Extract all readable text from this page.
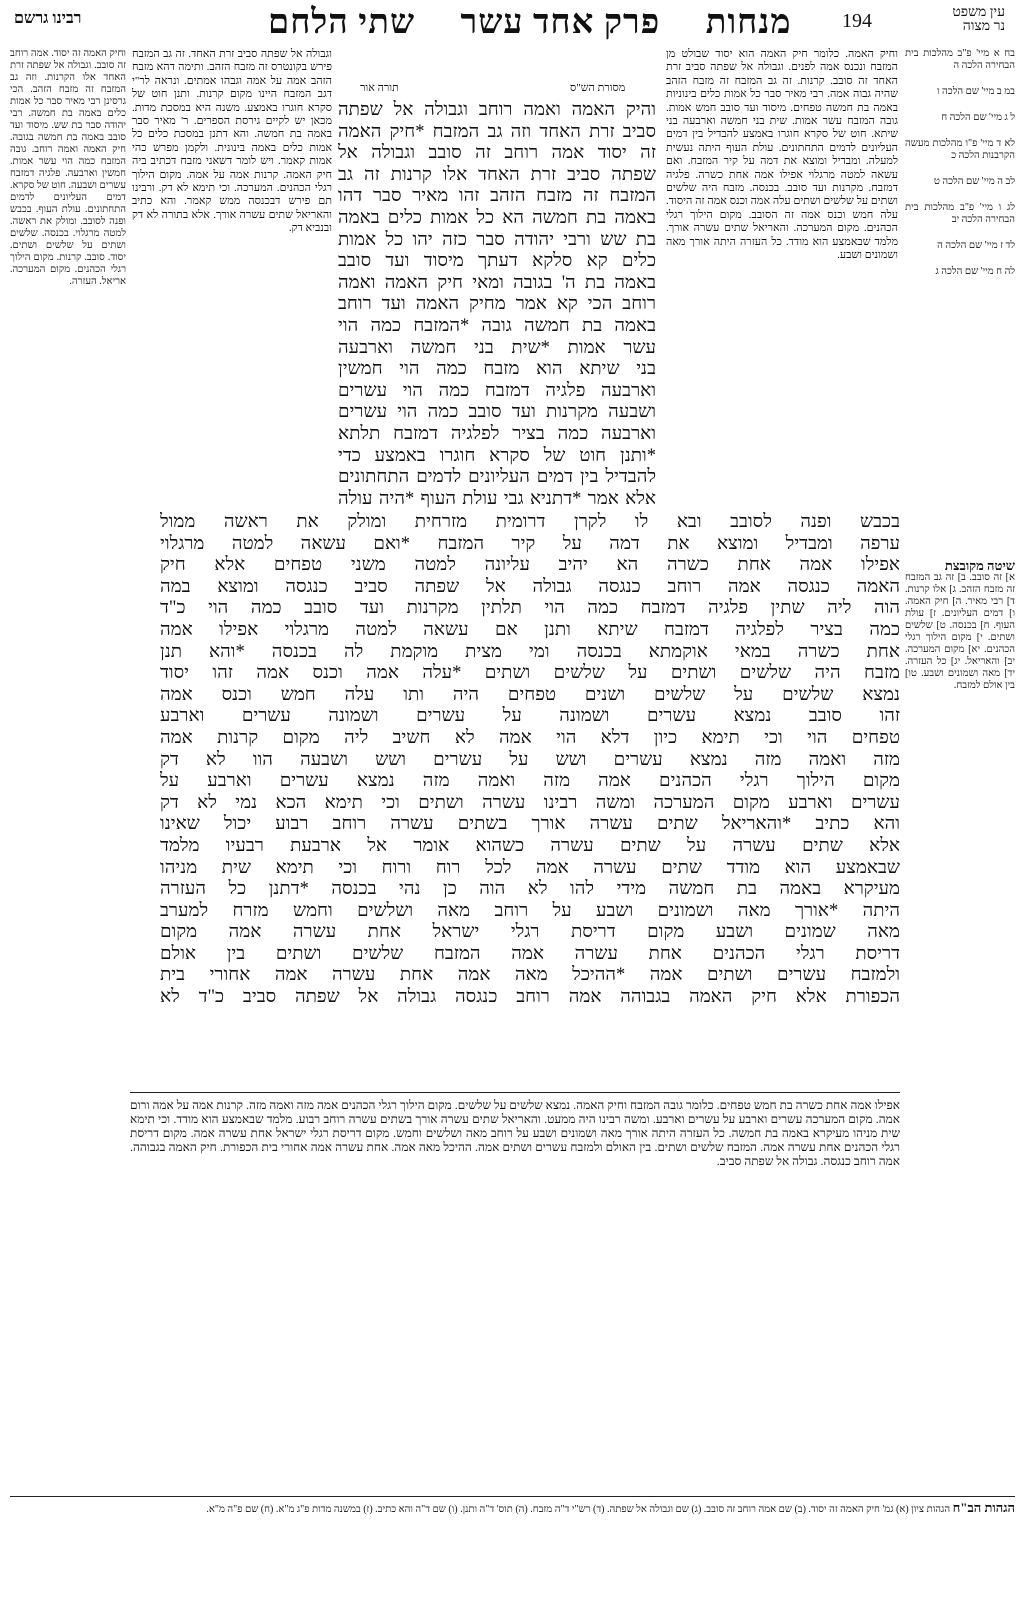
מנחות פרק אחד עשר שתי הלחם	194	עין משפט
נר מצוה
רבינו גרשם
בח א מיי' פ"ב מהלכות בית הבחירה הלכה ה
במ ב מיי' שם הלכה ו
ל ג מיי' שם הלכה ח
לא ד מיי' פ"ו מהלכות מעשה הקרבנות הלכה כ
לב ה מיי' שם הלכה ט
לג ו מיי' פ"ב מהלכות בית הבחירה הלכה יב
לד ז מיי' שם הלכה ה
לה ח מיי' שם הלכה ג

שיטה מקובצת

א] זה סובב. ב] זה גב המזבח זה מזבח הזהב. ג] אלו קרנות. ד] רבי מאיר. ה] חיק האמה. ו] דמים העליונים. ז] עולת העוף. ח] בכנסה. ט] שלשים ושתים. י] מקום הילוך רגלי הכהנים. יא] מקום המערכה. יב] והאריאל. יג] כל העזרה. יד] מאה ושמונים ושבע. טו] בין אולם למזבח.

וחיק האמה. כלומר חיק האמה הוא יסוד שבולט מן המזבח ונכנס אמה לפנים. וגבולה אל שפתה סביב זרת האחד זה סובב. קרנות. זה גב המזבח זה מזבח הזהב שהיה גבוה אמה. רבי מאיר סבר כל אמות כלים בינוניות באמה בת חמשה טפחים. מיסוד ועד סובב חמש אמות. גובה המזבח עשר אמות. שית בני חמשה וארבעה בני שיתא. חוט של סקרא חוגרו באמצע להבדיל בין דמים העליונים לדמים התחתונים. עולת העוף היתה נעשית למעלה. ומבדיל ומוצא את דמה על קיר המזבח. ואם עשאה למטה מרגלוי אפילו אמה אחת כשרה. פלגיה דמזבח. מקרנות ועד סובב. בכנסה. מזבח היה שלשים ושתים על שלשים ושתים עלה אמה וכנס אמה זה היסוד. עלה חמש וכנס אמה זה הסובב. מקום הילוך רגלי הכהנים. מקום המערכה. והאריאל שתים עשרה אורך. מלמד שבאמצע הוא מודד. כל העזרה היתה אורך מאה ושמונים ושבע.

וגבולה אל שפתה סביב זרת האחד. זה גב המזבח פירש בקונטרס זה מזבח הזהב. ותימה דהא מזבח הזהב אמה על אמה וגבהו אמתים. ונראה לר"י דגב המזבח היינו מקום קרנות. ותנן חוט של סקרא חוגרו באמצע. משנה היא במסכת מדות. מכאן יש לקיים גירסת הספרים. ר' מאיר סבר באמה בת חמשה. והא דתנן במסכת כלים כל אמות כלים באמה בינונית. ולקמן מפרש כהי אמות קאמר. ויש לומר דשאני מזבח דכתיב ביה חיק האמה. קרנות אמה על אמה. מקום הילוך רגלי הכהנים. המערכה. וכי תימא לא דק. ורבינו תם פירש דבכנסה ממש קאמר. והא כתיב והאריאל שתים עשרה אורך. אלא בתורה לא דק ובנביא דק.

וחיק האמה זה יסוד. אמה רוחב זה סובב. וגבולה אל שפתה זרת האחד אלו הקרנות. וזה גב המזבח זה מזבח הזהב. הכי גרסינן רבי מאיר סבר כל אמות כלים באמה בת חמשה. רבי יהודה סבר בת שש. מיסוד ועד סובב באמה בת חמשה בגובה. חיק האמה ואמה רוחב. גובה המזבח כמה הוי עשר אמות. חמשין וארבעה. פלגיה דמזבח עשרים ושבעה. חוט של סקרא. דמים העליונים לדמים התחתונים. עולת העוף. בכבש ופנה לסובב. ומולק את ראשה. למטה מרגלוי. בכנסה. שלשים ושתים על שלשים ושתים. יסוד. סובב. קרנות. מקום הילוך רגלי הכהנים. מקום המערכה. אריאל. העזרה.

תורה אור	מסורת הש"ס
והיק האמה ואמה רוחב וגבולה אל שפתה
סביב זרת האחד וזה גב המזבח *חיק האמה
זה יסוד אמה רוחב זה סובב וגבולה אל
שפתה סביב זרת האחד אלו קרנות זה גב
המזבח זה מזבח הזהב זהו מאיר סבר דהו
באמה בת חמשה הא כל אמות כלים באמה
בת שש ורבי יהודה סבר כזה יהו כל אמות
כלים קא סלקא דעתך מיסוד ועד סובב
באמה בת ה' בגובה ומאי חיק האמה ואמה
רוחב הכי קא אמר מחיק האמה ועד רוחב
באמה בת חמשה גובה *המזבח כמה הוי
עשר אמות *שית בני חמשה וארבעה
בני שיתא הוא מזבח כמה הוי חמשין
וארבעה פלגיה דמזבח כמה הוי עשרים
ושבעה מקרנות ועד סובב כמה הוי עשרים
וארבעה כמה בציר לפלגיה דמזבח תלתא
*ותנן חוט של סקרא חוגרו באמצע כדי
להבדיל בין דמים העליונים לדמים התחתונים
אלא אמר *דתניא גבי עולת העוף *היה עולה
בכבש ופנה לסובב ובא לו לקרן דרומית מזרחית ומולק את ראשה ממול
ערפה ומבדיל ומוצא את דמה על קיר המזבח *ואם עשאה למטה מרגלוי
אפילו אמה אחת כשרה הא יהיב עליונה למטה משני טפחים אלא חיק
האמה כנגסה אמה רוחב כנגסה גבולה אל שפתה סביב כנגסה ומוצא במה
הוה ליה שתין פלגיה דמזבח כמה הוי תלתין מקרנות ועד סובב כמה הוי כ"ד
כמה בציר לפלגיה דמזבח שיתא ותנן אם עשאה למטה מרגלוי אפילו אמה
אחת כשרה במאי אוקמתא בכנסה ומי מצית מוקמת לה בכנסה *והא תנן
מזבח היה שלשים ושתים על שלשים ושתים *עלה אמה וכנס אמה זהו יסוד
נמצא שלשים על שלשים ושנים טפחים היה ותו עלה חמש וכנס אמה
זהו סובב נמצא עשרים ושמונה על עשרים ושמונה עשרים וארבע
טפחים הוי וכי תימא כיון דלא הוי אמה לא חשיב ליה מקום קרנות אמה
מזה ואמה מזה נמצא עשרים ושש על עשרים ושש ושבעה הוו לא דק
מקום הילוך רגלי הכהנים אמה מזה ואמה מזה נמצא עשרים וארבע על
עשרים וארבע מקום המערכה ומשה רבינו עשרה ושתים וכי תימא הכא נמי לא דק
והא כתיב *והאריאל שתים עשרה אורך בשתים עשרה רוחב רבוע יכול שאינו
אלא שתים עשרה על שתים עשרה כשהוא אומר אל ארבעת רבעיו מלמד
שבאמצע הוא מודד שתים עשרה אמה לכל רוח ורוח וכי תימא שית מניהו
מעיקרא באמה בת חמשה מידי להו לא הוה כן נהי בכנסה *דתנן כל העזרה
היתה *אורך מאה ושמונים ושבע על רוחב מאה ושלשים וחמש מזרח למערב
מאה שמונים ושבע מקום דריסת רגלי ישראל אחת עשרה אמה מקום
דריסת רגלי הכהנים אחת עשרה אמה המזבח שלשים ושתים בין אולם
ולמזבח עשרים ושתים אמה *ההיכל מאה אמה אחת עשרה אמה אחורי בית
הכפורת אלא חיק האמה בגבוהה אמה רוחב כנגסה גבולה אל שפתה סביב כ"ד לא

אפילו אמה אחת כשרה בת חמש טפחים. כלומר גובה המזבח וחיק האמה. נמצא שלשים על שלשים. מקום הילוך רגלי הכהנים אמה מזה ואמה מזה. קרנות אמה על אמה ורום אמה. מקום המערכה עשרים וארבע על עשרים וארבע. ומשה רבינו היה ממעט. והאריאל שתים עשרה אורך בשתים עשרה רוחב רבוע. מלמד שבאמצע הוא מודד. וכי תימא שית מניהו מעיקרא באמה בת חמשה. כל העזרה היתה אורך מאה ושמונים ושבע על רוחב מאה ושלשים וחמש. מקום דריסת רגלי ישראל אחת עשרה אמה. מקום דריסת רגלי הכהנים אחת עשרה אמה. המזבח שלשים ושתים. בין האולם ולמזבח עשרים ושתים אמה. ההיכל מאה אמה. אחת עשרה אמה אחורי בית הכפורת. חיק האמה בגבוהה. אמה רוחב כנגסה. גבולה אל שפתה סביב.

הגהות הב"ח הגהות ציון (א) גמ' חיק האמה זה יסוד. (ב) שם אמה רוחב זה סובב. (ג) שם וגבולה אל שפתה. (ד) רש"י ד"ה מזבח. (ה) תוס' ד"ה ותנן. (ו) שם ד"ה והא כתיב. (ז) במשנה מדות פ"ג מ"א. (ח) שם פ"ה מ"א.
